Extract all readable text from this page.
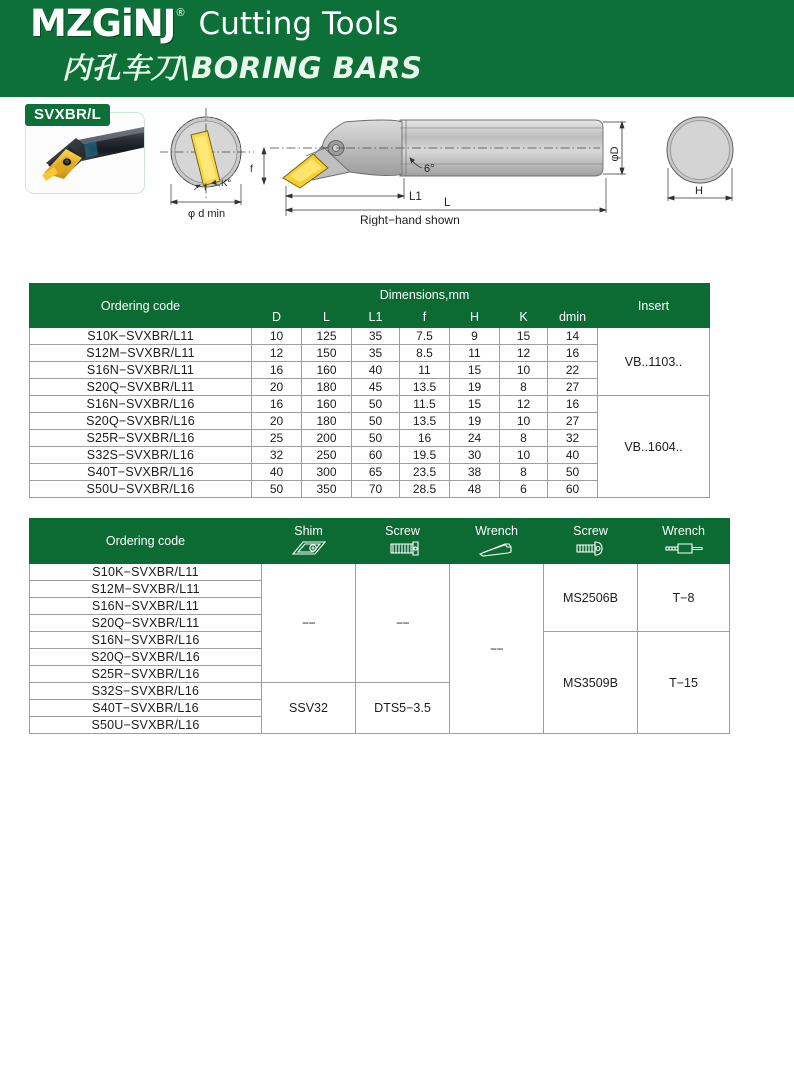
MZGiNJ ® Cutting Tools
内孔车刀\BORING BARS
SVXBR/L
f K°
φ d min
6°
f
L1 L
φD
Right−hand shown
H
Ordering code	Dimensions,mm							Insert
	D	L	L1	f	H	K	dmin	
S10K−SVXBR/L11	10	125	35	7.5	9	15	14	VB..1103..
S12M−SVXBR/L11	12	150	35	8.5	11	12	16	
S16N−SVXBR/L11	16	160	40	11	15	10	22	
S20Q−SVXBR/L11	20	180	45	13.5	19	8	27	
S16N−SVXBR/L16	16	160	50	11.5	15	12	16	VB..1604..
S20Q−SVXBR/L16	20	180	50	13.5	19	10	27	
S25R−SVXBR/L16	25	200	50	16	24	8	32	
S32S−SVXBR/L16	32	250	60	19.5	30	10	40	
S40T−SVXBR/L16	40	300	65	23.5	38	8	50	
S50U−SVXBR/L16	50	350	70	28.5	48	6	60	
Ordering code	Shim	Screw	Wrench	Screw	Wrench

S10K−SVXBR/L11	−−	−−	−−	MS2506B	T−8
S12M−SVXBR/L11					
S16N−SVXBR/L11					
S20Q−SVXBR/L11					
S16N−SVXBR/L16				MS3509B	T−15
S20Q−SVXBR/L16					
S25R−SVXBR/L16					
S32S−SVXBR/L16	SSV32	DTS5−3.5			
S40T−SVXBR/L16					
S50U−SVXBR/L16					
